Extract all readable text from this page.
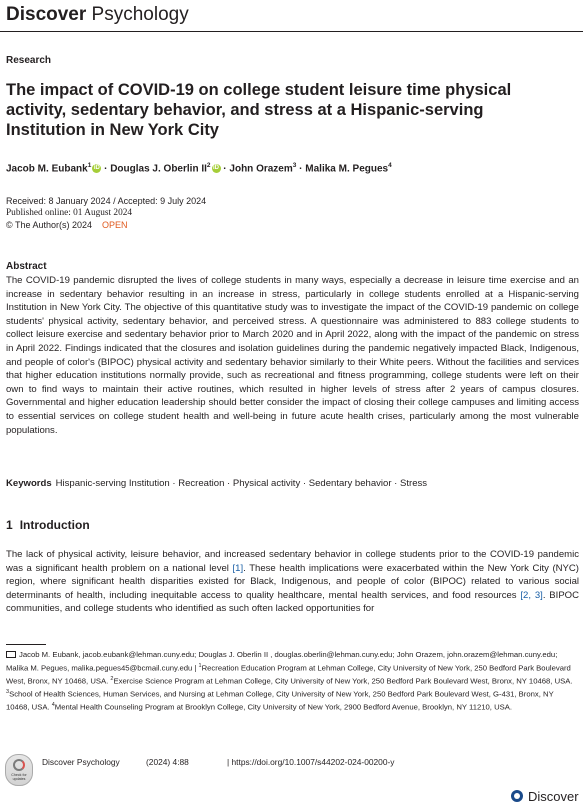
Discover Psychology
Research
The impact of COVID-19 on college student leisure time physical activity, sedentary behavior, and stress at a Hispanic-serving Institution in New York City
Jacob M. Eubank$^1$ iD · Douglas J. Oberlin $II^2$ iD · John Orazem$^3$ · Malika M. Pegues$^4$
Received: 8 January 2024 / Accepted: 9 July 2024
Published online: 01 August 2024
© The Author(s) 2024 OPEN
Abstract
The COVID-19 pandemic disrupted the lives of college students in many ways, especially a decrease in leisure time exercise and an increase in sedentary behavior resulting in an increase in stress, particularly in college students enrolled at a Hispanic-serving Institution in New York City. The objective of this quantitative study was to investigate the impact of the COVID-19 pandemic on college students' physical activity, sedentary behavior, and perceived stress. A questionnaire was administered to 883 college students to collect leisure exercise and sedentary behavior prior to March 2020 and in April 2022, along with the impact of the pandemic on stress in April 2022. Findings indicated that the closures and isolation guidelines during the pandemic negatively impacted Black, Indigenous, and people of color's (BIPOC) physical activity and sedentary behavior similarly to their White peers. Without the facilities and services that higher education institutions normally provide, such as recreational and fitness programming, college students were left on their own to find ways to maintain their active routines, which resulted in higher levels of stress after 2 years of campus closures. Governmental and higher education leadership should better consider the impact of closing their college campuses and limiting access to essential services on college student health and well-being in future acute health crises, particularly among the most vulnerable populations.
Keywords Hispanic-serving Institution · Recreation · Physical activity · Sedentary behavior · Stress
1 Introduction
The lack of physical activity, leisure behavior, and increased sedentary behavior in college students prior to the COVID-19 pandemic was a significant health problem on a national level [1]. These health implications were exacerbated within the New York City (NYC) region, where significant health disparities existed for Black, Indigenous, and people of color (BIPOC) related to various social determinants of health, including inequitable access to quality healthcare, mental health services, and food resources [2, 3]. BIPOC communities, and college students who identified as such often lacked opportunities for
Jacob M. Eubank, jacob.eubank@lehman.cuny.edu; Douglas J. Oberlin II , douglas.oberlin@lehman.cuny.edu; John Orazem, john.orazem@lehman.cuny.edu; Malika M. Pegues, malika.pegues45@bcmail.cuny.edu | $^1$Recreation Education Program at Lehman College, City University of New York, 250 Bedford Park Boulevard West, Bronx, NY 10468, USA. $^2$Exercise Science Program at Lehman College, City University of New York, 250 Bedford Park Boulevard West, Bronx, NY 10468, USA. $^3$School of Health Sciences, Human Services, and Nursing at Lehman College, City University of New York, 250 Bedford Park Boulevard West, G-431, Bronx, NY 10468, USA. $^4$Mental Health Counseling Program at Brooklyn College, City University of New York, 2900 Bedford Avenue, Brooklyn, NY 11210, USA.
Check for updates
Discover Psychology	(2024) 4:88	| https://doi.org/10.1007/s44202-024-00200-y
Discover
